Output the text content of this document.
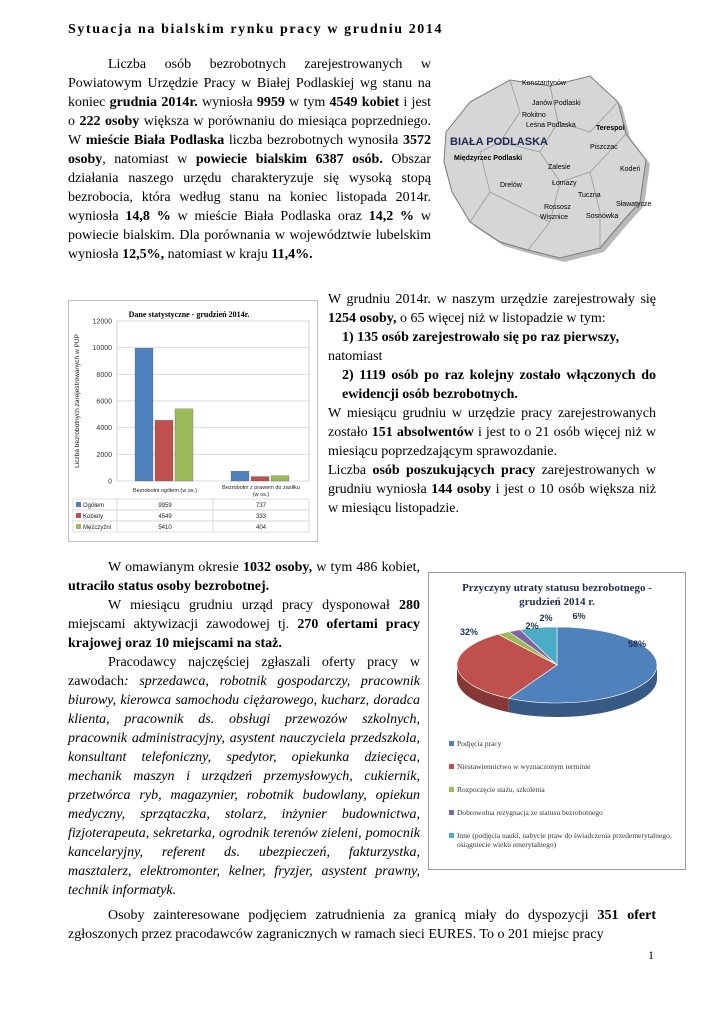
Sytuacja na bialskim rynku pracy w grudniu 2014
Liczba osób bezrobotnych zarejestrowanych w Powiatowym Urzędzie Pracy w Białej Podlaskiej wg stanu na koniec grudnia 2014r. wyniosła 9959 w tym 4549 kobiet i jest o 222 osoby większa w porównaniu do miesiąca poprzedniego. W mieście Biała Podlaska liczba bezrobotnych wynosiła 3572 osoby, natomiast w powiecie bialskim 6387 osób. Obszar działania naszego urzędu charakteryzuje się wysoką stopą bezrobocia, która według stanu na koniec listopada 2014r. wyniosła 14,8 % w mieście Biała Podlaska oraz 14,2 % w powiecie bialskim. Dla porównania w województwie lubelskim wyniosła 12,5%, natomiast w kraju 11,4%.
Konstantynów
Janów Podlaski
Rokitno
Leśna Podlaska	Terespol
Piszczac
Międzyrzec Podlaski
Drelów
Zalesie	Kodeń
Łomazy
Tuczna
Rossosz
Wisznice	Sosnówka
Sławatycze
BIAŁA PODLASKA
0
2000
4000
6000
8000
10000
12000
Liczba bezrobotnych zarejestrowanych w PUP
Dane statystyczne - grudzień 2014r.
Bezrobotni ogółem (w os.)	Bezrobotni z prawem do zasiłku
(w os.)
Ogółem	9959	737
Kobiety	4549	333
Mężczyźni	5410	404
W grudniu 2014r. w naszym urzędzie zarejestrowały się 1254 osoby, o 65 więcej niż w listopadzie w tym:
1) 135 osób zarejestrowało się po raz pierwszy,
natomiast
2) 1119 osób po raz kolejny zostało włączonych do ewidencji osób bezrobotnych.
W miesiącu grudniu w urzędzie pracy zarejestrowanych zostało 151 absolwentów i jest to o 21 osób więcej niż w miesiącu poprzedzającym sprawozdanie.
Liczba osób poszukujących pracy zarejestrowanych w grudniu wyniosła 144 osoby i jest o 10 osób większa niż w miesiącu listopadzie.
W omawianym okresie 1032 osoby, w tym 486 kobiet, utraciło status osoby bezrobotnej.
W miesiącu grudniu urząd pracy dysponował 280 miejscami aktywizacji zawodowej tj. 270 ofertami pracy krajowej oraz 10 miejscami na staż.
Pracodawcy najczęściej zgłaszali oferty pracy w zawodach: sprzedawca, robotnik gospodarczy, pracownik biurowy, kierowca samochodu ciężarowego, kucharz, doradca klienta, pracownik ds. obsługi przewozów szkolnych, pracownik administracyjny, asystent nauczyciela przedszkola, konsultant telefoniczny, spedytor, opiekunka dziecięca, mechanik maszyn i urządzeń przemysłowych, cukiernik, przetwórca ryb, magazynier, robotnik budowlany, opiekun medyczny, sprzątaczka, stolarz, inżynier budownictwa, fizjoterapeuta, sekretarka, ogrodnik terenów zieleni, pomocnik kancelaryjny, referent ds. ubezpieczeń, fakturzystka, masztalerz, elektromonter, kelner, fryzjer, asystent prawny, technik informatyk.
Przyczyny utraty statusu bezrobotnego - grudzień 2014 r.
58%
32%
2%
2% 6%
Podjęcia pracy
Niestawiennictwo w wyznaczonym terminie
Rozpoczęcie stażu, szkolenia
Dobrowolna rezygnacja ze statusu bezrobotnego
Inne (podjęcia nauki, nabycie praw do świadczenia przedemerytalnego, osiągniecie wieku emerytalnego)
Osoby zainteresowane podjęciem zatrudnienia za granicą miały do dyspozycji 351 ofert zgłoszonych przez pracodawców zagranicznych w ramach sieci EURES. To o 201 miejsc pracy
1
